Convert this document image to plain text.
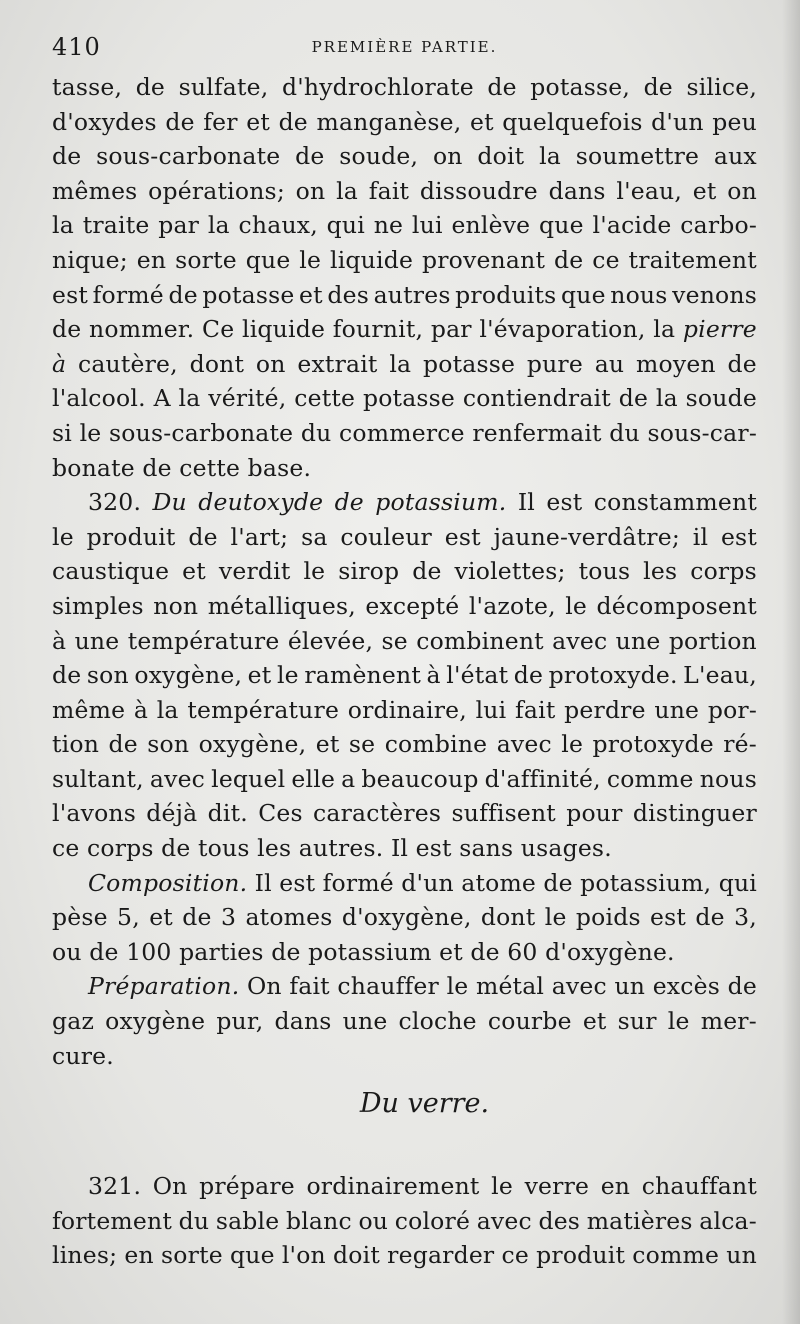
410	PREMIÈRE PARTIE.
tasse, de sulfate, d'hydrochlorate de potasse, de silice,
d'oxydes de fer et de manganèse, et quelquefois d'un peu
de sous-carbonate de soude, on doit la soumettre aux
mêmes opérations; on la fait dissoudre dans l'eau, et on
la traite par la chaux, qui ne lui enlève que l'acide carbo-
nique; en sorte que le liquide provenant de ce traitement
est formé de potasse et des autres produits que nous venons
de nommer. Ce liquide fournit, par l'évaporation, la pierre
à cautère, dont on extrait la potasse pure au moyen de
l'alcool. A la vérité, cette potasse contiendrait de la soude
si le sous-carbonate du commerce renfermait du sous-car-
bonate de cette base.
320. Du deutoxyde de potassium. Il est constamment
le produit de l'art; sa couleur est jaune-verdâtre; il est
caustique et verdit le sirop de violettes; tous les corps
simples non métalliques, excepté l'azote, le décomposent
à une température élevée, se combinent avec une portion
de son oxygène, et le ramènent à l'état de protoxyde. L'eau,
même à la température ordinaire, lui fait perdre une por-
tion de son oxygène, et se combine avec le protoxyde ré-
sultant, avec lequel elle a beaucoup d'affinité, comme nous
l'avons déjà dit. Ces caractères suffisent pour distinguer
ce corps de tous les autres. Il est sans usages.
Composition. Il est formé d'un atome de potassium, qui
pèse 5, et de 3 atomes d'oxygène, dont le poids est de 3,
ou de 100 parties de potassium et de 60 d'oxygène.
Préparation. On fait chauffer le métal avec un excès de
gaz oxygène pur, dans une cloche courbe et sur le mer-
cure.
Du verre.
321. On prépare ordinairement le verre en chauffant
fortement du sable blanc ou coloré avec des matières alca-
lines; en sorte que l'on doit regarder ce produit comme un
